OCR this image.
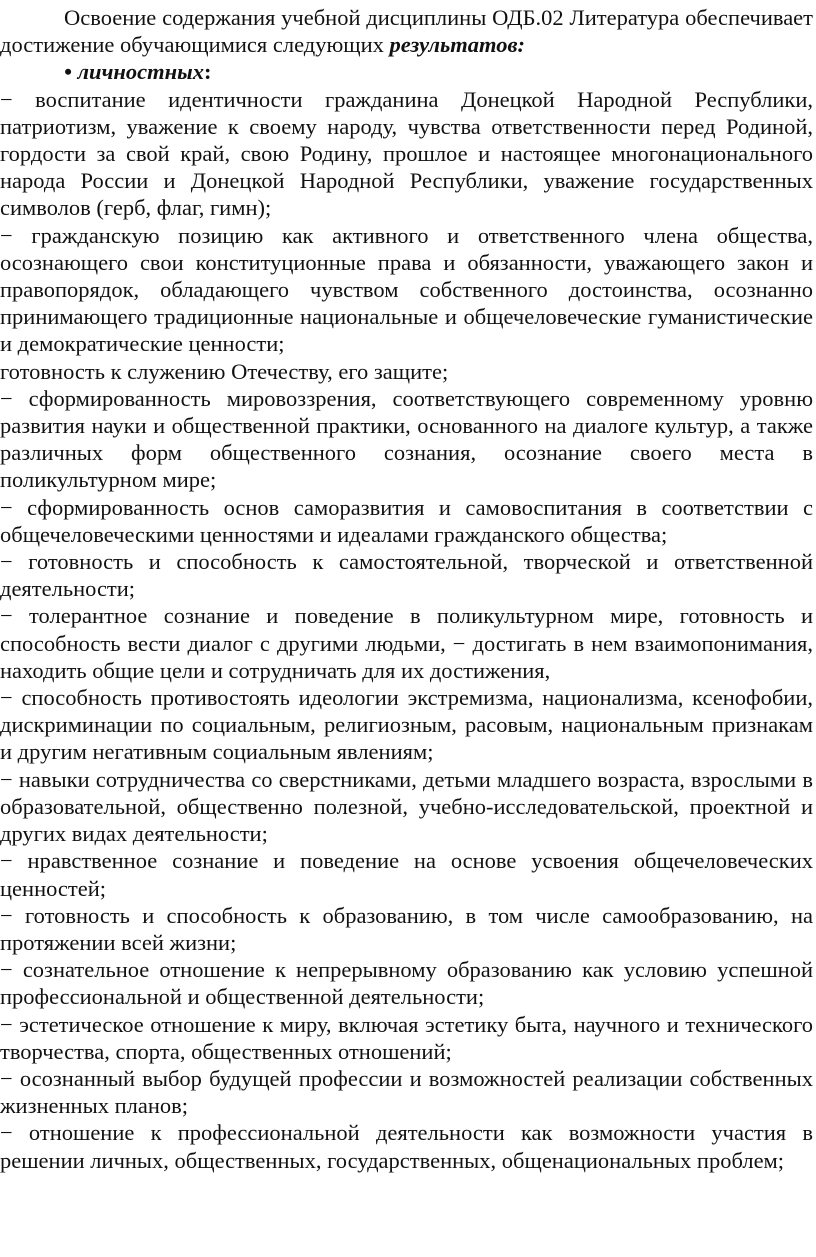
Освоение содержания учебной дисциплины ОДБ.02 Литература обеспечивает достижение обучающимися следующих результатов:

• личностных:

− воспитание идентичности гражданина Донецкой Народной Республики, патриотизм, уважение к своему народу, чувства ответственности перед Родиной, гордости за свой край, свою Родину, прошлое и настоящее многонационального народа России и Донецкой Народной Республики, уважение государственных символов (герб, флаг, гимн);

− гражданскую позицию как активного и ответственного члена общества, осознающего свои конституционные права и обязанности, уважающего закон и правопорядок, обладающего чувством собственного достоинства, осознанно принимающего традиционные национальные и общечеловеческие гуманистические и демократические ценности;

готовность к служению Отечеству, его защите;

− сформированность мировоззрения, соответствующего современному уровню развития науки и общественной практики, основанного на диалоге культур, а также различных форм общественного сознания, осознание своего места в поликультурном мире;

− сформированность основ саморазвития и самовоспитания в соответствии с общечеловеческими ценностями и идеалами гражданского общества;

− готовность и способность к самостоятельной, творческой и ответственной деятельности;

− толерантное сознание и поведение в поликультурном мире, готовность и способность вести диалог с другими людьми, − достигать в нем взаимопонимания, находить общие цели и сотрудничать для их достижения,

− способность противостоять идеологии экстремизма, национализма, ксенофобии, дискриминации по социальным, религиозным, расовым, национальным признакам и другим негативным социальным явлениям;

− навыки сотрудничества со сверстниками, детьми младшего возраста, взрослыми в образовательной, общественно полезной, учебно-исследовательской, проектной и других видах деятельности;

− нравственное сознание и поведение на основе усвоения общечеловеческих ценностей;

− готовность и способность к образованию, в том числе самообразованию, на протяжении всей жизни;

− сознательное отношение к непрерывному образованию как условию успешной профессиональной и общественной деятельности;

− эстетическое отношение к миру, включая эстетику быта, научного и технического творчества, спорта, общественных отношений;

− осознанный выбор будущей профессии и возможностей реализации собственных жизненных планов;

− отношение к профессиональной деятельности как возможности участия в решении личных, общественных, государственных, общенациональных проблем;
